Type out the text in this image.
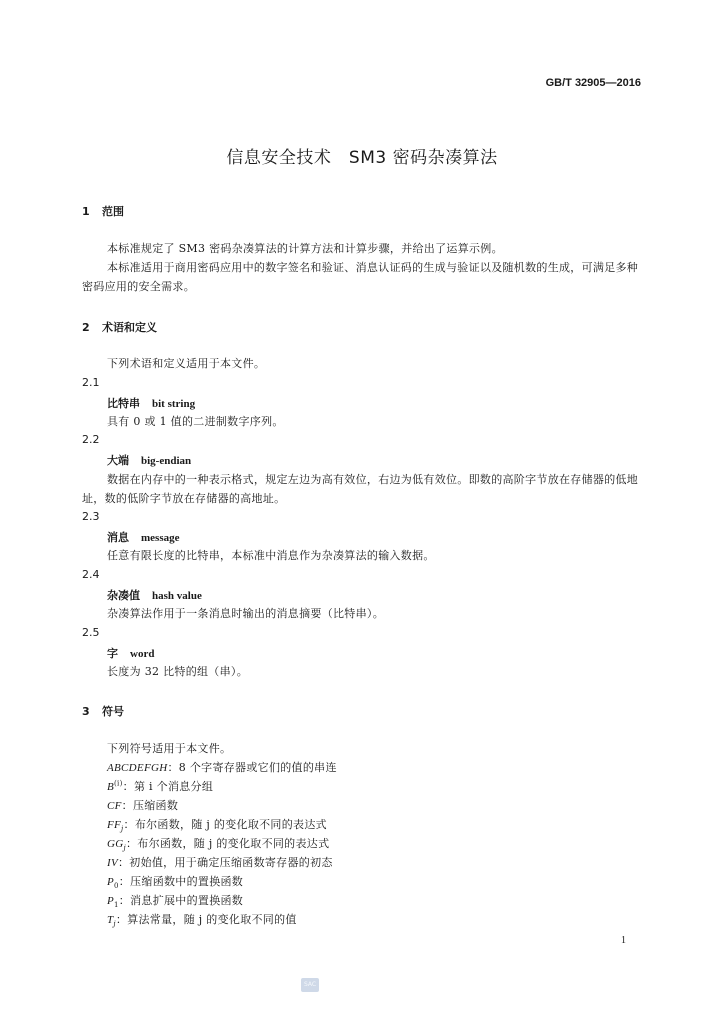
GB/T 32905—2016
信息安全技术　SM3 密码杂凑算法
1 范围
本标准规定了 SM3 密码杂凑算法的计算方法和计算步骤，并给出了运算示例。
本标准适用于商用密码应用中的数字签名和验证、消息认证码的生成与验证以及随机数的生成，可满足多种密码应用的安全需求。
2 术语和定义
下列术语和定义适用于本文件。
2.1
比特串 bit string
具有 0 或 1 值的二进制数字序列。
2.2
大端 big-endian
数据在内存中的一种表示格式，规定左边为高有效位，右边为低有效位。即数的高阶字节放在存储器的低地址，数的低阶字节放在存储器的高地址。
2.3
消息 message
任意有限长度的比特串，本标准中消息作为杂凑算法的输入数据。
2.4
杂凑值 hash value
杂凑算法作用于一条消息时输出的消息摘要（比特串）。
2.5
字 word
长度为 32 比特的组（串）。
3 符号
下列符号适用于本文件。
ABCDEFGH：8 个字寄存器或它们的值的串连
$B^{(i)}$：第 i 个消息分组
CF：压缩函数
$FF_j$：布尔函数，随 j 的变化取不同的表达式
$GG_j$：布尔函数，随 j 的变化取不同的表达式
IV：初始值，用于确定压缩函数寄存器的初态
$P_0$：压缩函数中的置换函数
$P_1$：消息扩展中的置换函数
$T_j$：算法常量，随 j 的变化取不同的值
1
SAC
